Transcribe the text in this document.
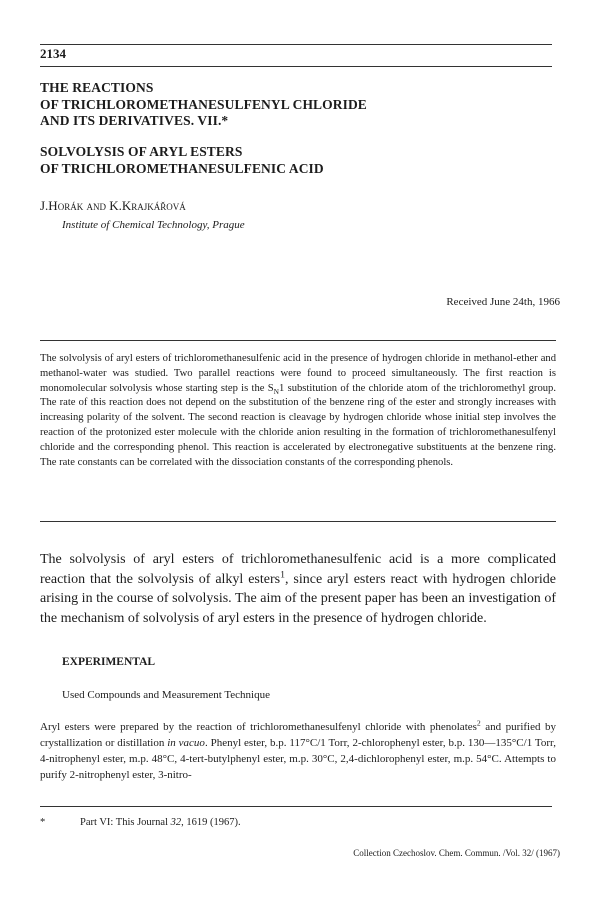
2134
THE REACTIONS
OF TRICHLOROMETHANESULFENYL CHLORIDE
AND ITS DERIVATIVES. VII.*
SOLVOLYSIS OF ARYL ESTERS
OF TRICHLOROMETHANESULFENIC ACID
J.Horák and K.Krajkářová
Institute of Chemical Technology, Prague
Received June 24th, 1966
The solvolysis of aryl esters of trichloromethanesulfenic acid in the presence of hydrogen chloride in methanol-ether and methanol-water was studied. Two parallel reactions were found to proceed simultaneously. The first reaction is monomolecular solvolysis whose starting step is the $S_N1$ substitution of the chloride atom of the trichloromethyl group. The rate of this reaction does not depend on the substitution of the benzene ring of the ester and strongly increases with increasing polarity of the solvent. The second reaction is cleavage by hydrogen chloride whose initial step involves the reaction of the protonized ester molecule with the chloride anion resulting in the formation of trichloromethanesulfenyl chloride and the corresponding phenol. This reaction is accelerated by electronegative substituents at the benzene ring. The rate constants can be correlated with the dissociation constants of the corresponding phenols.
The solvolysis of aryl esters of trichloromethanesulfenic acid is a more complicated reaction that the solvolysis of alkyl esters$^1$, since aryl esters react with hydrogen chloride arising in the course of solvolysis. The aim of the present paper has been an investigation of the mechanism of solvolysis of aryl esters in the presence of hydrogen chloride.
EXPERIMENTAL
Used Compounds and Measurement Technique
Aryl esters were prepared by the reaction of trichloromethanesulfenyl chloride with phenolates$^2$ and purified by crystallization or distillation in vacuo. Phenyl ester, b.p. 117°C/1 Torr, 2-chlorophenyl ester, b.p. 130—135°C/1 Torr, 4-nitrophenyl ester, m.p. 48°C, 4-tert-butylphenyl ester, m.p. 30°C, 2,4-dichlorophenyl ester, m.p. 54°C. Attempts to purify 2-nitrophenyl ester, 3-nitro-
*	Part VI: This Journal 32, 1619 (1967).
Collection Czechoslov. Chem. Commun. /Vol. 32/ (1967)
